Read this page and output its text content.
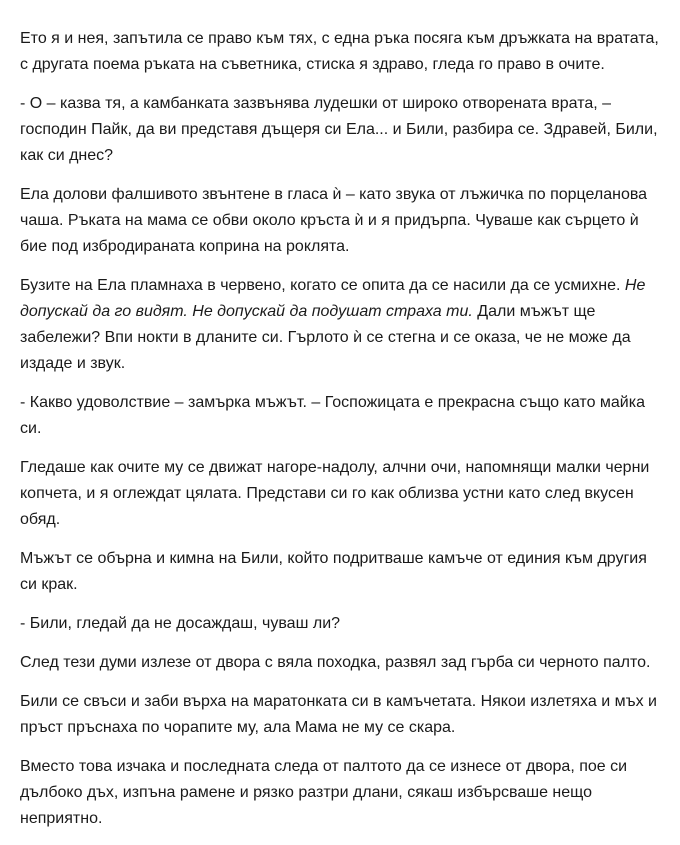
Ето я и нея, запътила се право към тях, с една ръка посяга към дръжката на вратата, с другата поема ръката на съветника, стиска я здраво, гледа го право в очите.

- О – казва тя, а камбанката зазвънява лудешки от широко отворената врата, – господин Пайк, да ви представя дъщеря си Ела... и Били, разбира се. Здравей, Били, как си днес?

Ела долови фалшивото звънтене в гласа ѝ – като звука от лъжичка по порцеланова чаша. Ръката на мама се обви около кръста ѝ и я придърпа. Чуваше как сърцето ѝ бие под избродираната коприна на роклята.

Бузите на Ела пламнаха в червено, когато се опита да се насили да се усмихне. Не допускай да го видят. Не допускай да подушат страха ти. Дали мъжът ще забележи? Впи нокти в дланите си. Гърлото ѝ се стегна и се оказа, че не може да издаде и звук.

- Какво удоволствие – замърка мъжът. – Госпожицата е прекрасна също като майка си.

Гледаше как очите му се движат нагоре-надолу, алчни очи, напомнящи малки черни копчета, и я оглеждат цялата. Представи си го как облизва устни като след вкусен обяд.

Мъжът се обърна и кимна на Били, който подритваше камъче от единия към другия си крак.

- Били, гледай да не досаждаш, чуваш ли?

След тези думи излезе от двора с вяла походка, развял зад гърба си черното палто.

Били се свъси и заби върха на маратонката си в камъчетата. Някои излетяха и мъх и пръст пръснаха по чорапите му, ала Мама не му се скара.

Вместо това изчака и последната следа от палтото да се изнесе от двора, пое си дълбоко дъх, изпъна рамене и рязко разтри длани, сякаш избърсваше нещо неприятно.
